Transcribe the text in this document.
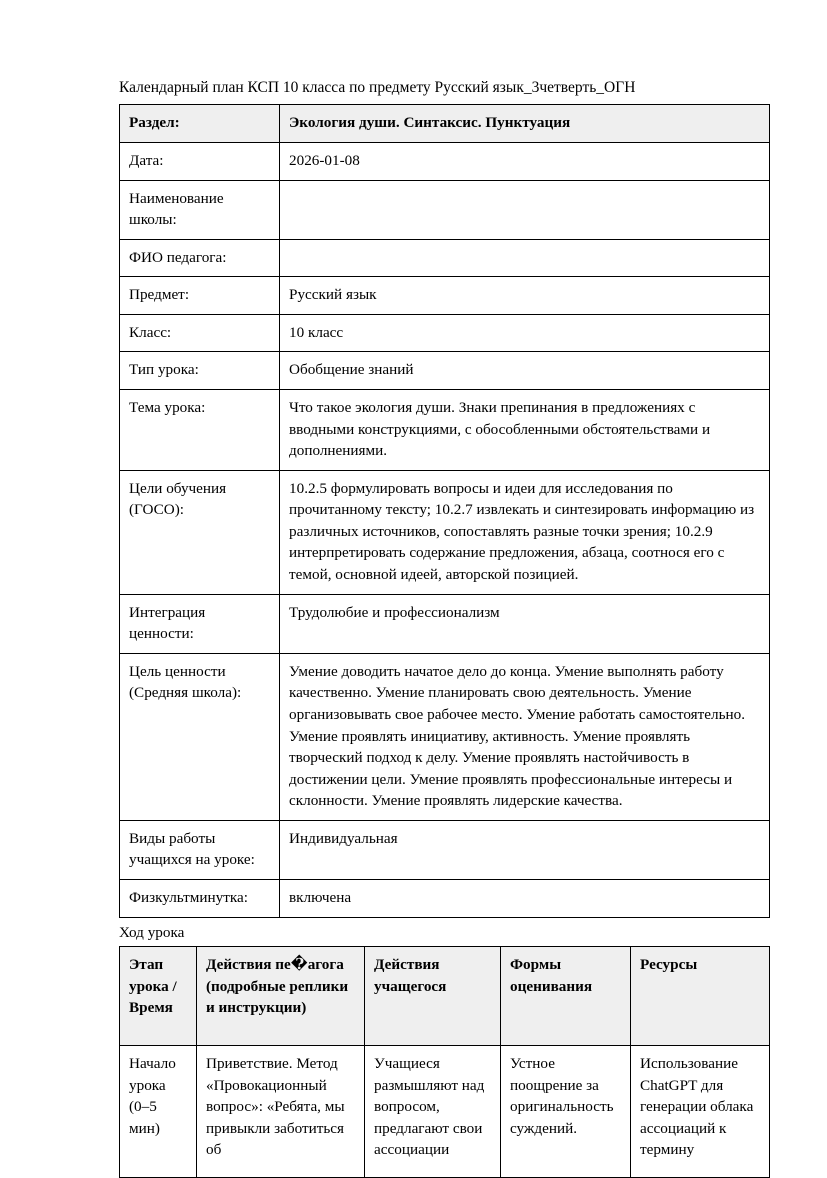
Календарный план КСП 10 класса по предмету Русский язык_3четверть_ОГН
Раздел:	Экология души. Синтаксис. Пунктуация
Дата:	2026-01-08
Наименование школы:	

ФИО педагога:	
Предмет:	Русский язык
Класс:	10 класс
Тип урока:	Обобщение знаний
Тема урока:	Что такое экология души. Знаки препинания в предложениях с вводными конструкциями, с обособленными обстоятельствами и дополнениями.
Цели обучения (ГОСО):	10.2.5 формулировать вопросы и идеи для исследования по прочитанному тексту; 10.2.7 извлекать и синтезировать информацию из различных источников, сопоставлять разные точки зрения; 10.2.9 интерпретировать содержание предложения, абзаца, соотнося его с темой, основной идеей, авторской позицией.
Интеграция ценности:	Трудолюбие и профессионализм
Цель ценности (Средняя школа):	Умение доводить начатое дело до конца. Умение выполнять работу качественно. Умение планировать свою деятельность. Умение организовывать свое рабочее место. Умение работать самостоятельно. Умение проявлять инициативу, активность. Умение проявлять творческий подход к делу. Умение проявлять настойчивость в достижении цели. Умение проявлять профессиональные интересы и склонности. Умение проявлять лидерские качества.
Виды работы учащихся на уроке:	Индивидуальная
Физкультминутка:	включена
Ход урока
Этап урока / Время	Действия пе�агога (подробные реплики и инструкции)	Действия учащегося	Формы оценивания	Ресурсы
Начало урока (0–5 мин)	Приветствие. Метод «Провокационный вопрос»: «Ребята, мы привыкли заботиться об	Учащиеся размышляют над вопросом, предлагают свои ассоциации	Устное поощрение за оригинальность суждений.	Использование ChatGPT для генерации облака ассоциаций к термину
